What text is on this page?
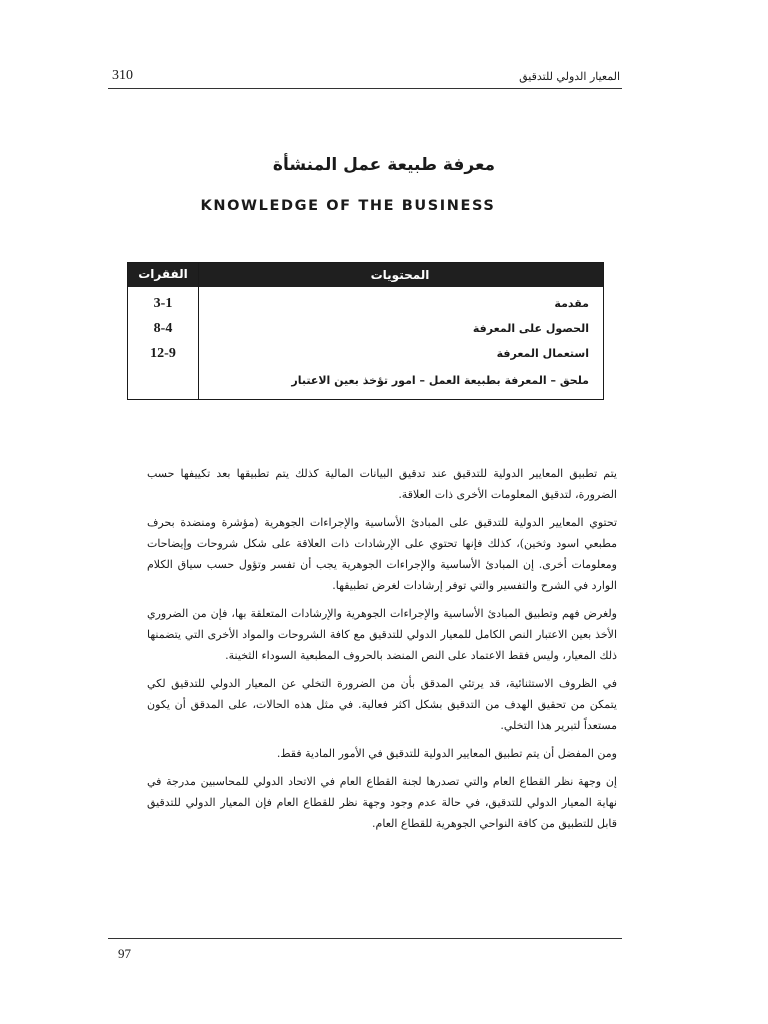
310	المعيار الدولي للتدقيق
معرفة طبيعة عمل المنشأة
KNOWLEDGE OF THE BUSINESS
المحتويات
الفقرات
مقدمة
3-1
الحصول على المعرفة
8-4
استعمال المعرفة
12-9
ملحق – المعرفة بطبيعة العمل – امور تؤخذ بعين الاعتبار

يتم تطبيق المعايير الدولية للتدقيق عند تدقيق البيانات المالية كذلك يتم تطبيقها بعد تكييفها حسب الضرورة، لتدقيق المعلومات الأخرى ذات العلاقة.

تحتوي المعايير الدولية للتدقيق على المبادئ الأساسية والإجراءات الجوهرية (مؤشرة ومنضدة بحرف مطبعي اسود وثخين)، كذلك فإنها تحتوي على الإرشادات ذات العلاقة على شكل شروحات وإيضاحات ومعلومات أخرى. إن المبادئ الأساسية والإجراءات الجوهرية يجب أن تفسر وتؤول حسب سياق الكلام الوارد في الشرح والتفسير والتي توفر إرشادات لغرض تطبيقها.

ولغرض فهم وتطبيق المبادئ الأساسية والإجراءات الجوهرية والإرشادات المتعلقة بها، فإن من الضروري الأخذ بعين الاعتبار النص الكامل للمعيار الدولي للتدقيق مع كافة الشروحات والمواد الأخرى التي يتضمنها ذلك المعيار، وليس فقط الاعتماد على النص المنضد بالحروف المطبعية السوداء الثخينة.

في الظروف الاستثنائية، قد يرتئي المدقق بأن من الضرورة التخلي عن المعيار الدولي للتدقيق لكي يتمكن من تحقيق الهدف من التدقيق بشكل اكثر فعالية. في مثل هذه الحالات، على المدقق أن يكون مستعداً لتبرير هذا التخلي.

ومن المفضل أن يتم تطبيق المعايير الدولية للتدقيق في الأمور المادية فقط.

إن وجهة نظر القطاع العام والتي تصدرها لجنة القطاع العام في الاتحاد الدولي للمحاسبين مدرجة في نهاية المعيار الدولي للتدقيق، في حالة عدم وجود وجهة نظر للقطاع العام فإن المعيار الدولي للتدقيق قابل للتطبيق من كافة النواحي الجوهرية للقطاع العام.

97
